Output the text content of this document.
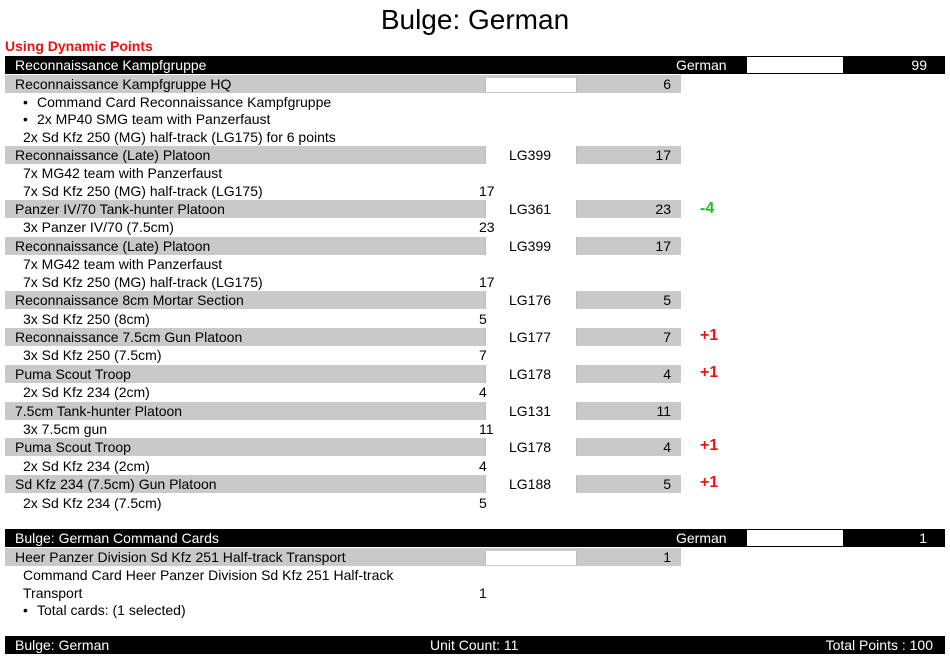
Bulge: German
Using Dynamic Points
Reconnaissance Kampfgruppe	German	99
Reconnaissance Kampfgruppe HQ	6
• Command Card Reconnaissance Kampfgruppe
• 2x MP40 SMG team with Panzerfaust
2x Sd Kfz 250 (MG) half-track (LG175) for 6 points
Reconnaissance (Late) Platoon	LG399	17
7x MG42 team with Panzerfaust
7x Sd Kfz 250 (MG) half-track (LG175)	17
Panzer IV/70 Tank-hunter Platoon	LG361	23 -4
3x Panzer IV/70 (7.5cm)	23
Reconnaissance (Late) Platoon	LG399	17
7x MG42 team with Panzerfaust
7x Sd Kfz 250 (MG) half-track (LG175)	17
Reconnaissance 8cm Mortar Section	LG176	5
3x Sd Kfz 250 (8cm)	5
Reconnaissance 7.5cm Gun Platoon	LG177	7 +1
3x Sd Kfz 250 (7.5cm)	7
Puma Scout Troop	LG178	4 +1
2x Sd Kfz 234 (2cm)	4
7.5cm Tank-hunter Platoon	LG131	11
3x 7.5cm gun	11
Puma Scout Troop	LG178	4 +1
2x Sd Kfz 234 (2cm)	4
Sd Kfz 234 (7.5cm) Gun Platoon	LG188	5 +1
2x Sd Kfz 234 (7.5cm)	5
Bulge: German Command Cards	German	1
Heer Panzer Division Sd Kfz 251 Half-track Transport	1
Command Card Heer Panzer Division Sd Kfz 251 Half-track
Transport	1
• Total cards: (1 selected)
Bulge: German	Unit Count: 11	Total Points : 100
